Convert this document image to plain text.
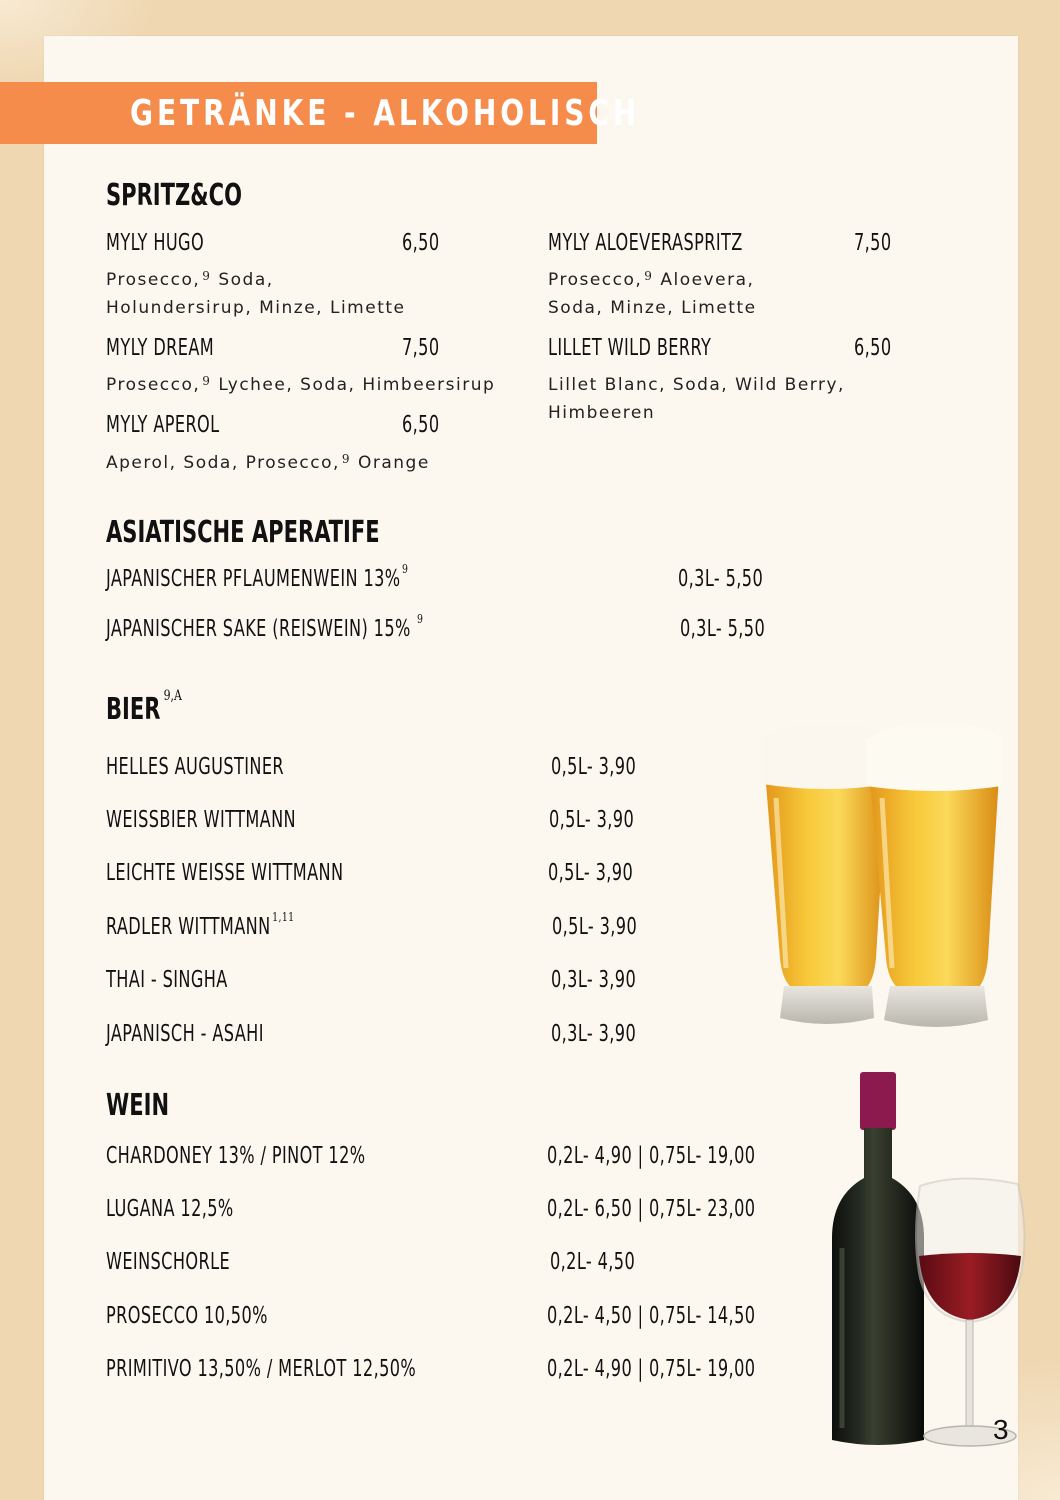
GETRÄNKE - ALKOHOLISCH
SPRITZ&CO
MYLY HUGO	6,50
Prosecco, $^9$ Soda,
Holundersirup, Minze, Limette
MYLY DREAM	7,50
Prosecco, $^9$ Lychee, Soda, Himbeersirup
MYLY APEROL	6,50
Aperol, Soda, Prosecco, $^9$ Orange
MYLY ALOEVERASPRITZ	7,50
Prosecco, $^9$ Aloevera,
Soda, Minze, Limette
LILLET WILD BERRY	6,50
Lillet Blanc, Soda, Wild Berry,
Himbeeren
ASIATISCHE APERATIFE
JAPANISCHER PFLAUMENWEIN 13% $^9$	0,3L- 5,50
JAPANISCHER SAKE (REISWEIN) 15% $^9$	0,3L- 5,50
BIER $^{9,A}$
HELLES AUGUSTINER	0,5L- 3,90
WEISSBIER WITTMANN	0,5L- 3,90
LEICHTE WEISSE WITTMANN	0,5L- 3,90
RADLER WITTMANN $^{1,11}$	0,5L- 3,90
THAI - SINGHA	0,3L- 3,90
JAPANISCH - ASAHI	0,3L- 3,90
WEIN
CHARDONEY 13% / PINOT 12%	0,2L- 4,90 | 0,75L- 19,00
LUGANA 12,5%	0,2L- 6,50 | 0,75L- 23,00
WEINSCHORLE	0,2L- 4,50
PROSECCO 10,50%	0,2L- 4,50 | 0,75L- 14,50
PRIMITIVO 13,50% / MERLOT 12,50%	0,2L- 4,90 | 0,75L- 19,00
3
